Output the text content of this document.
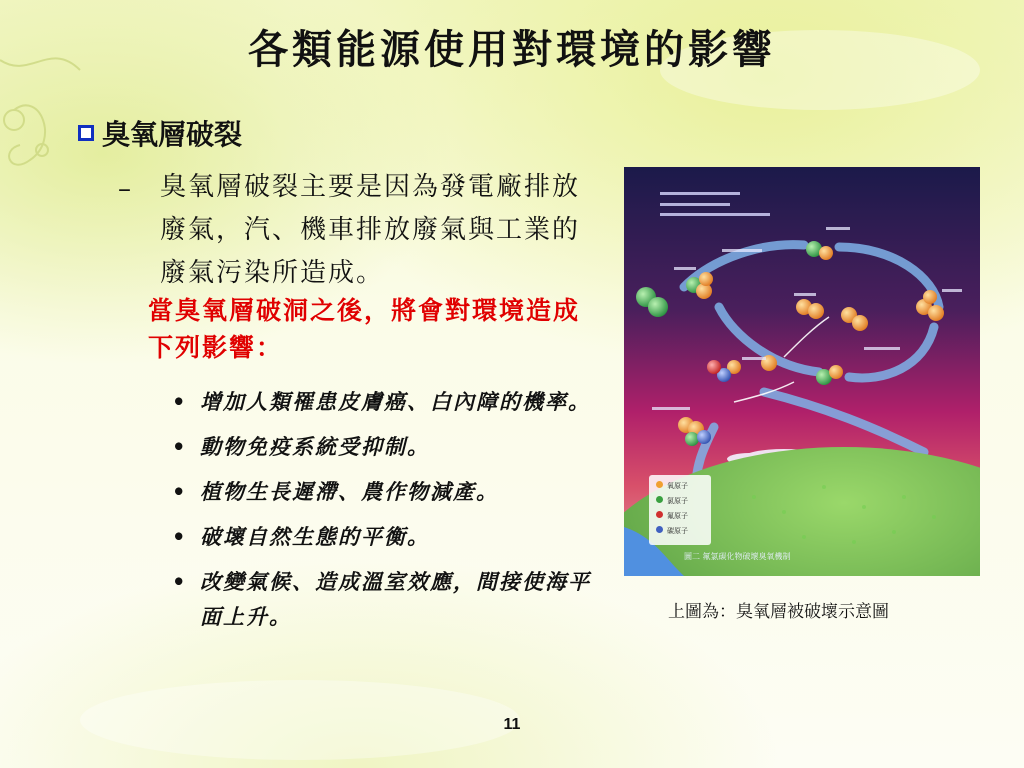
各類能源使用對環境的影響
臭氧層破裂
– 臭氧層破裂主要是因為發電廠排放廢氣，汽、機車排放廢氣與工業的廢氣污染所造成。
當臭氧層破洞之後，將會對環境造成下列影響：
• 增加人類罹患皮膚癌、白內障的機率。
• 動物免疫系統受抑制。
• 植物生長遲滯、農作物減產。
• 破壞自然生態的平衡。
• 改變氣候、造成溫室效應，間接使海平面上升。
氧原子
氯原子
氟原子
碳原子
圖二 氟氯碳化物破壞臭氧機制
上圖為：臭氧層被破壞示意圖
11
